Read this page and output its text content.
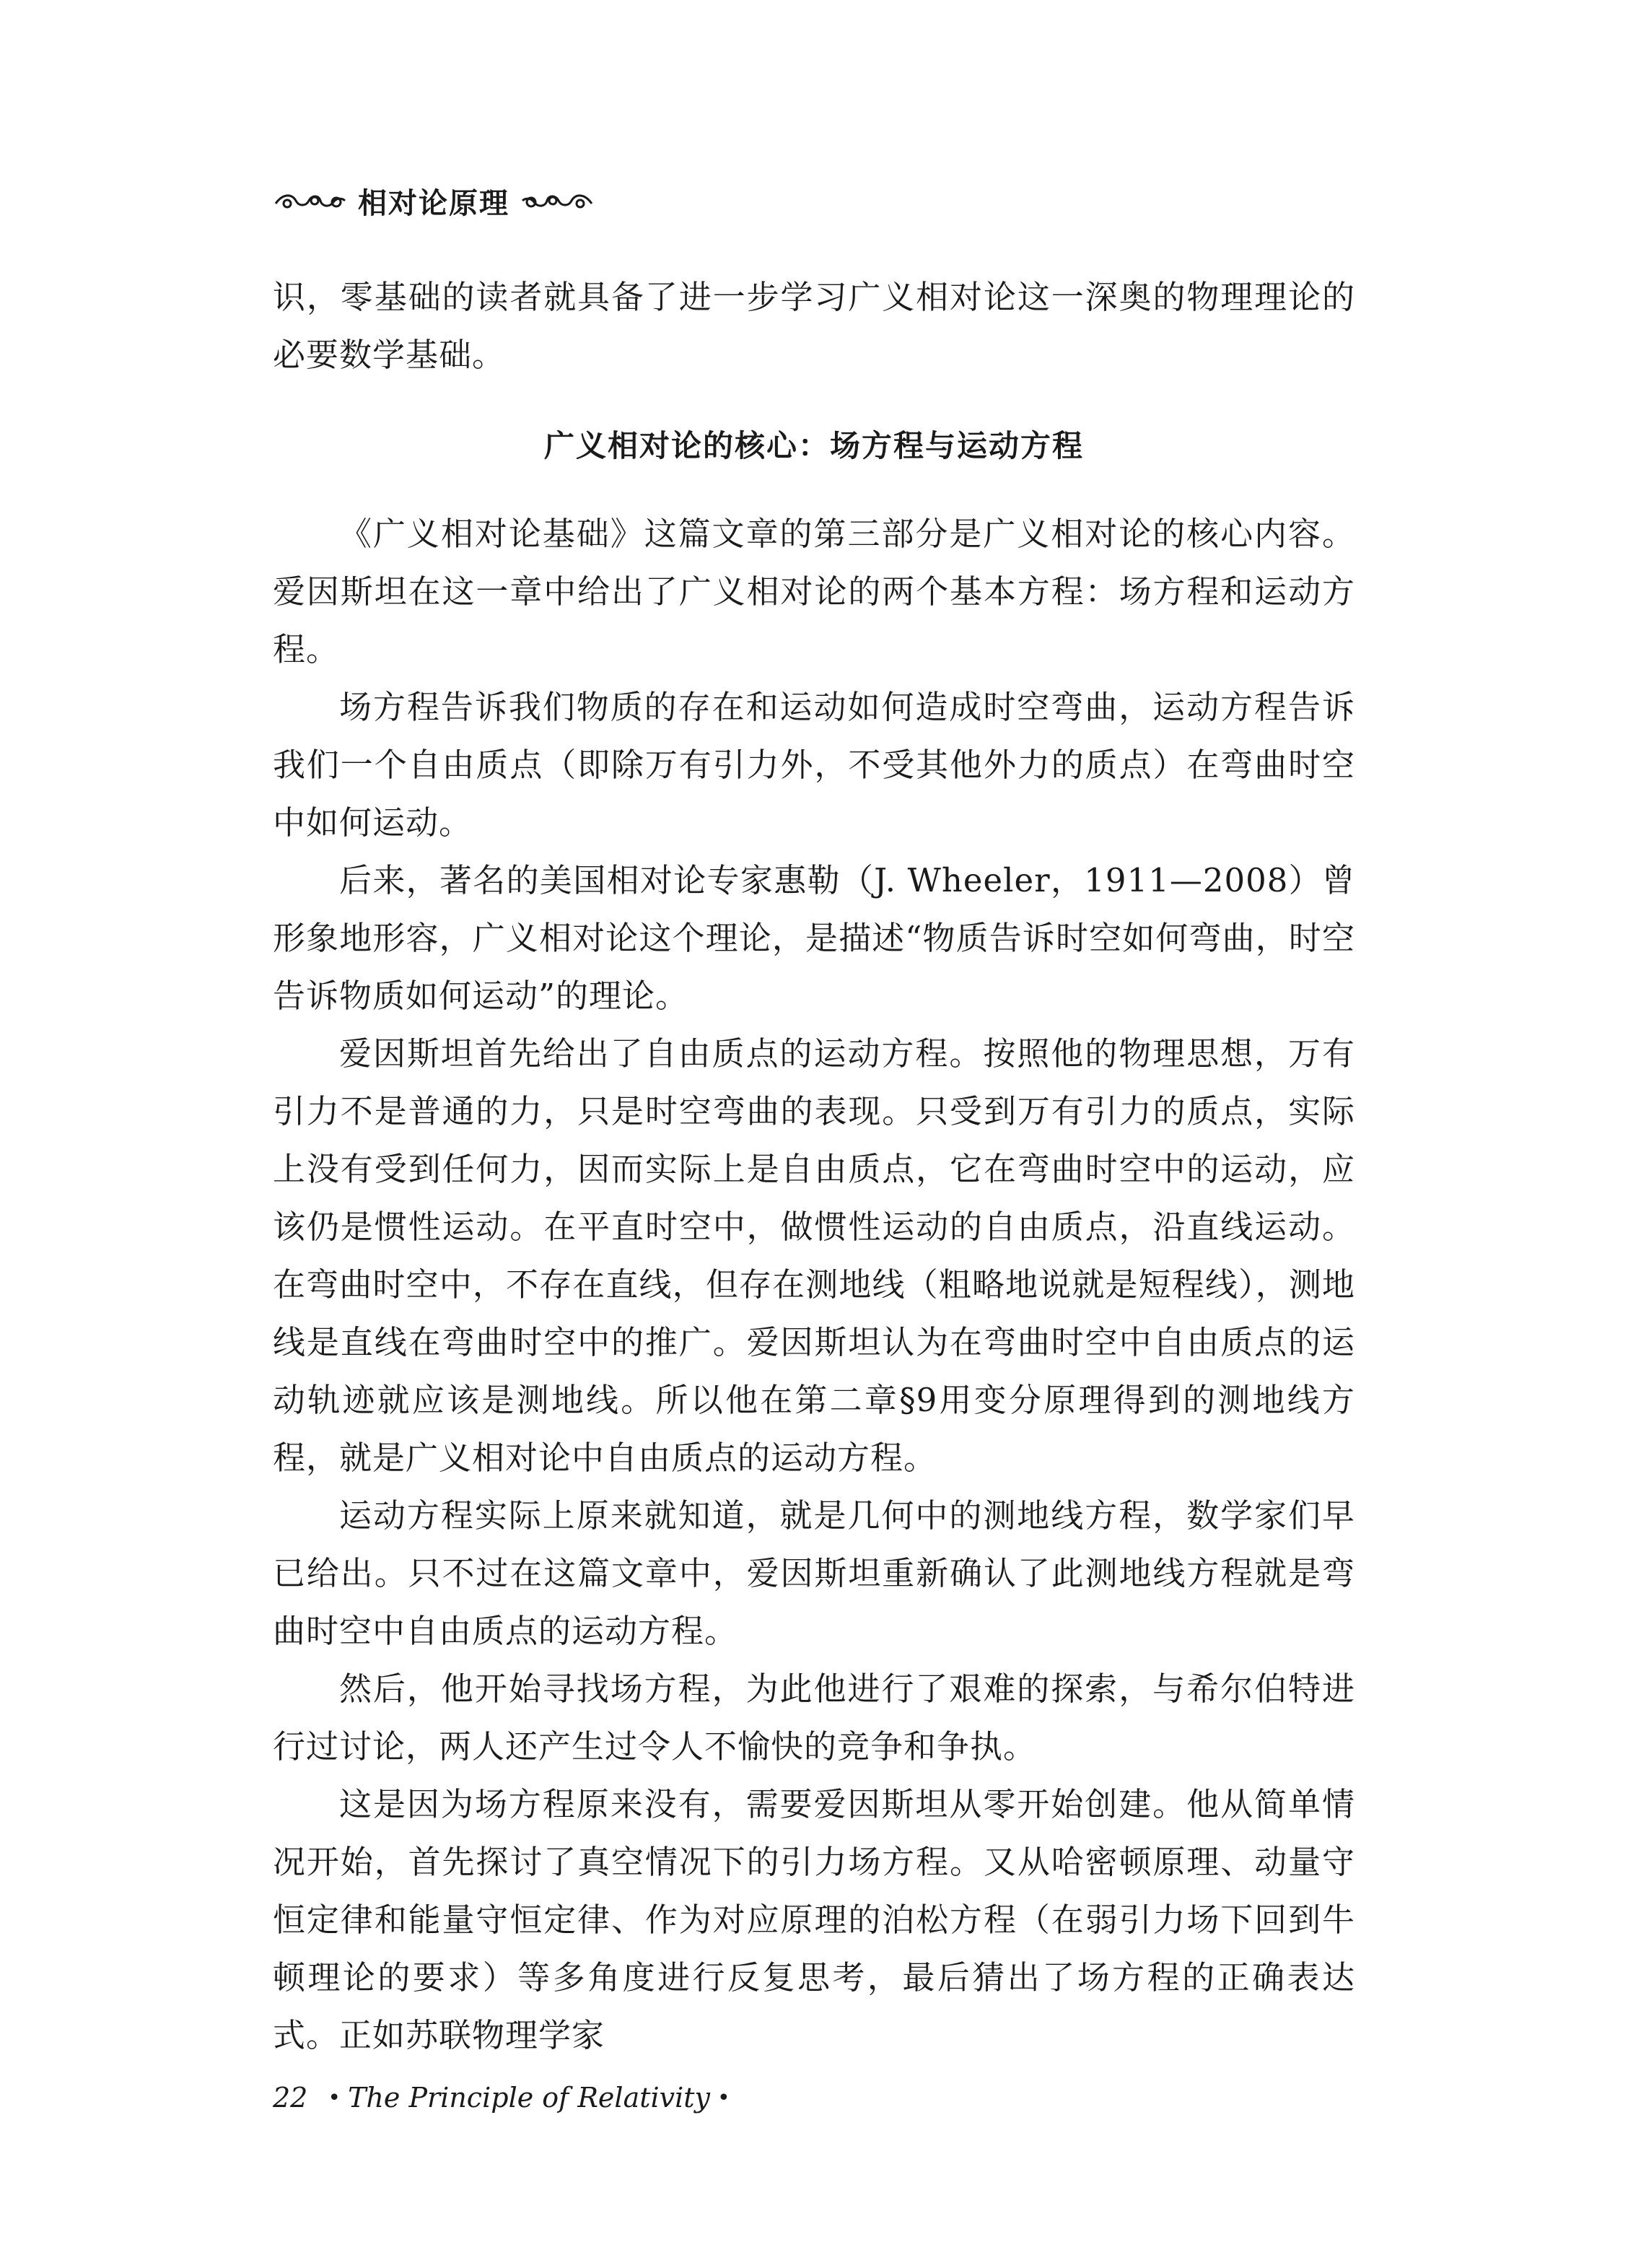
相对论原理

识，零基础的读者就具备了进一步学习广义相对论这一深奥的物理理论的必要数学基础。

广义相对论的核心：场方程与运动方程

《广义相对论基础》这篇文章的第三部分是广义相对论的核心内容。爱因斯坦在这一章中给出了广义相对论的两个基本方程：场方程和运动方程。

场方程告诉我们物质的存在和运动如何造成时空弯曲，运动方程告诉我们一个自由质点（即除万有引力外，不受其他外力的质点）在弯曲时空中如何运动。

后来，著名的美国相对论专家惠勒（J. Wheeler，1911—2008）曾形象地形容，广义相对论这个理论，是描述“物质告诉时空如何弯曲，时空告诉物质如何运动”的理论。

爱因斯坦首先给出了自由质点的运动方程。按照他的物理思想，万有引力不是普通的力，只是时空弯曲的表现。只受到万有引力的质点，实际上没有受到任何力，因而实际上是自由质点，它在弯曲时空中的运动，应该仍是惯性运动。在平直时空中，做惯性运动的自由质点，沿直线运动。在弯曲时空中，不存在直线，但存在测地线（粗略地说就是短程线），测地线是直线在弯曲时空中的推广。爱因斯坦认为在弯曲时空中自由质点的运动轨迹就应该是测地线。所以他在第二章§9用变分原理得到的测地线方程，就是广义相对论中自由质点的运动方程。

运动方程实际上原来就知道，就是几何中的测地线方程，数学家们早已给出。只不过在这篇文章中，爱因斯坦重新确认了此测地线方程就是弯曲时空中自由质点的运动方程。

然后，他开始寻找场方程，为此他进行了艰难的探索，与希尔伯特进行过讨论，两人还产生过令人不愉快的竞争和争执。

这是因为场方程原来没有，需要爱因斯坦从零开始创建。他从简单情况开始，首先探讨了真空情况下的引力场方程。又从哈密顿原理、动量守恒定律和能量守恒定律、作为对应原理的泊松方程（在弱引力场下回到牛顿理论的要求）等多角度进行反复思考，最后猜出了场方程的正确表达式。正如苏联物理学家

22 • The Principle of Relativity •
